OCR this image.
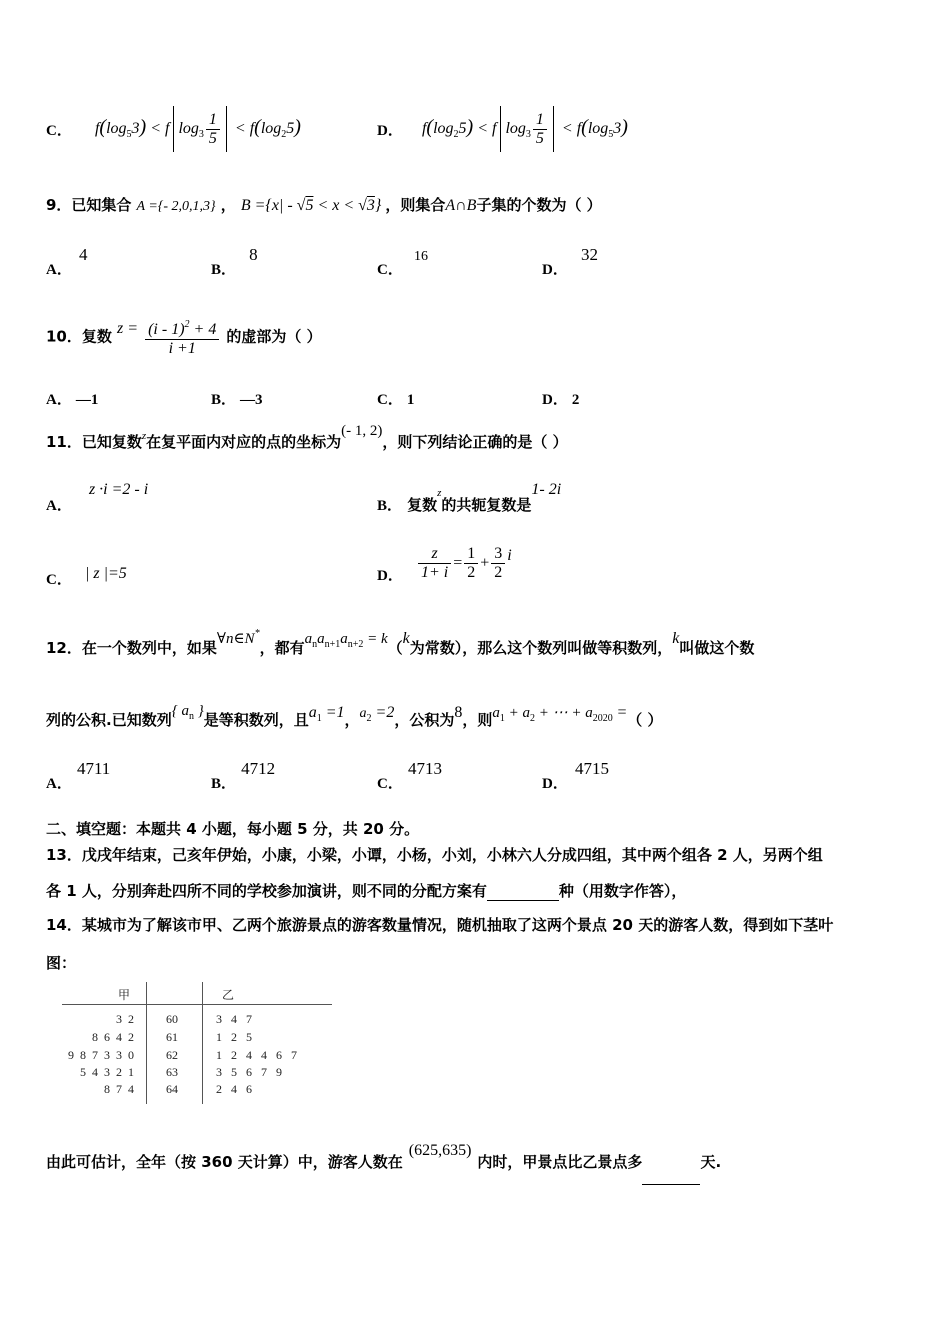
C． $f(\log_53) < f$ $\log_3 \frac{1}{5} < f(\log_25)$	D． $f(\log_25) < f$ $\log_3 \frac{1}{5} < f(\log_53)$
9．已知集合 A ={- 2,0,1,3} ， B ={x| - √5 < x < √3} ，则集合A∩B子集的个数为（ ）
A． 4
B． 8
C． 16
D． 32
10．复数 $z = \frac{(i - 1)^2 + 4}{i +1}$ 的虚部为（ ）
A． —1	B． —3	C． 1	D． 2
11．已知复数$^z$在复平面内对应的点的坐标为(- 1, 2)，则下列结论正确的是（ ）
A． z ·i =2 - i
B． 复数z的共轭复数是1- 2i
C． | z |=5	D． $\frac{z}{1+ i} = \frac{1}{2} + \frac{3}{2}$ i
12．在一个数列中，如果∀n∈N*，都有$a_na_{n+1}a_{n+2} = k(k$为常数），那么这个数列叫做等积数列，k叫做这个数
列的公积.已知数列{ $a_n$ }是等积数列，且$a_1 =1$，$a_2 =2$，公积为8，则$a_1 + a_2$ + ⋯ + $a_{2020}$ =（ ）
A． 4711
B． 4712
C． 4713
D． 4715
二、填空题：本题共 4 小题，每小题 5 分，共 20 分。
13．戊戌年结束，己亥年伊始，小康，小梁，小谭，小杨，小刘，小林六人分成四组，其中两个组各 2 人，另两个组
各 1 人，分别奔赴四所不同的学校参加演讲，则不同的分配方案有	种（用数字作答），
14．某城市为了解该市甲、乙两个旅游景点的游客数量情况，随机抽取了这两个景点 20 天的游客人数，得到如下茎叶
图：
甲	乙
3  2	60	3   4   7
8  6  4  2	61	1   2   5
9  8  7  3  3  0	62	1   2   4   4   6   7
5  4  3  2  1	63	3   5   6   7   9
8  7  4	64	2   4   6
由此可估计，全年（按 360 天计算）中，游客人数在(625,635)内时，甲景点比乙景点多	天.
